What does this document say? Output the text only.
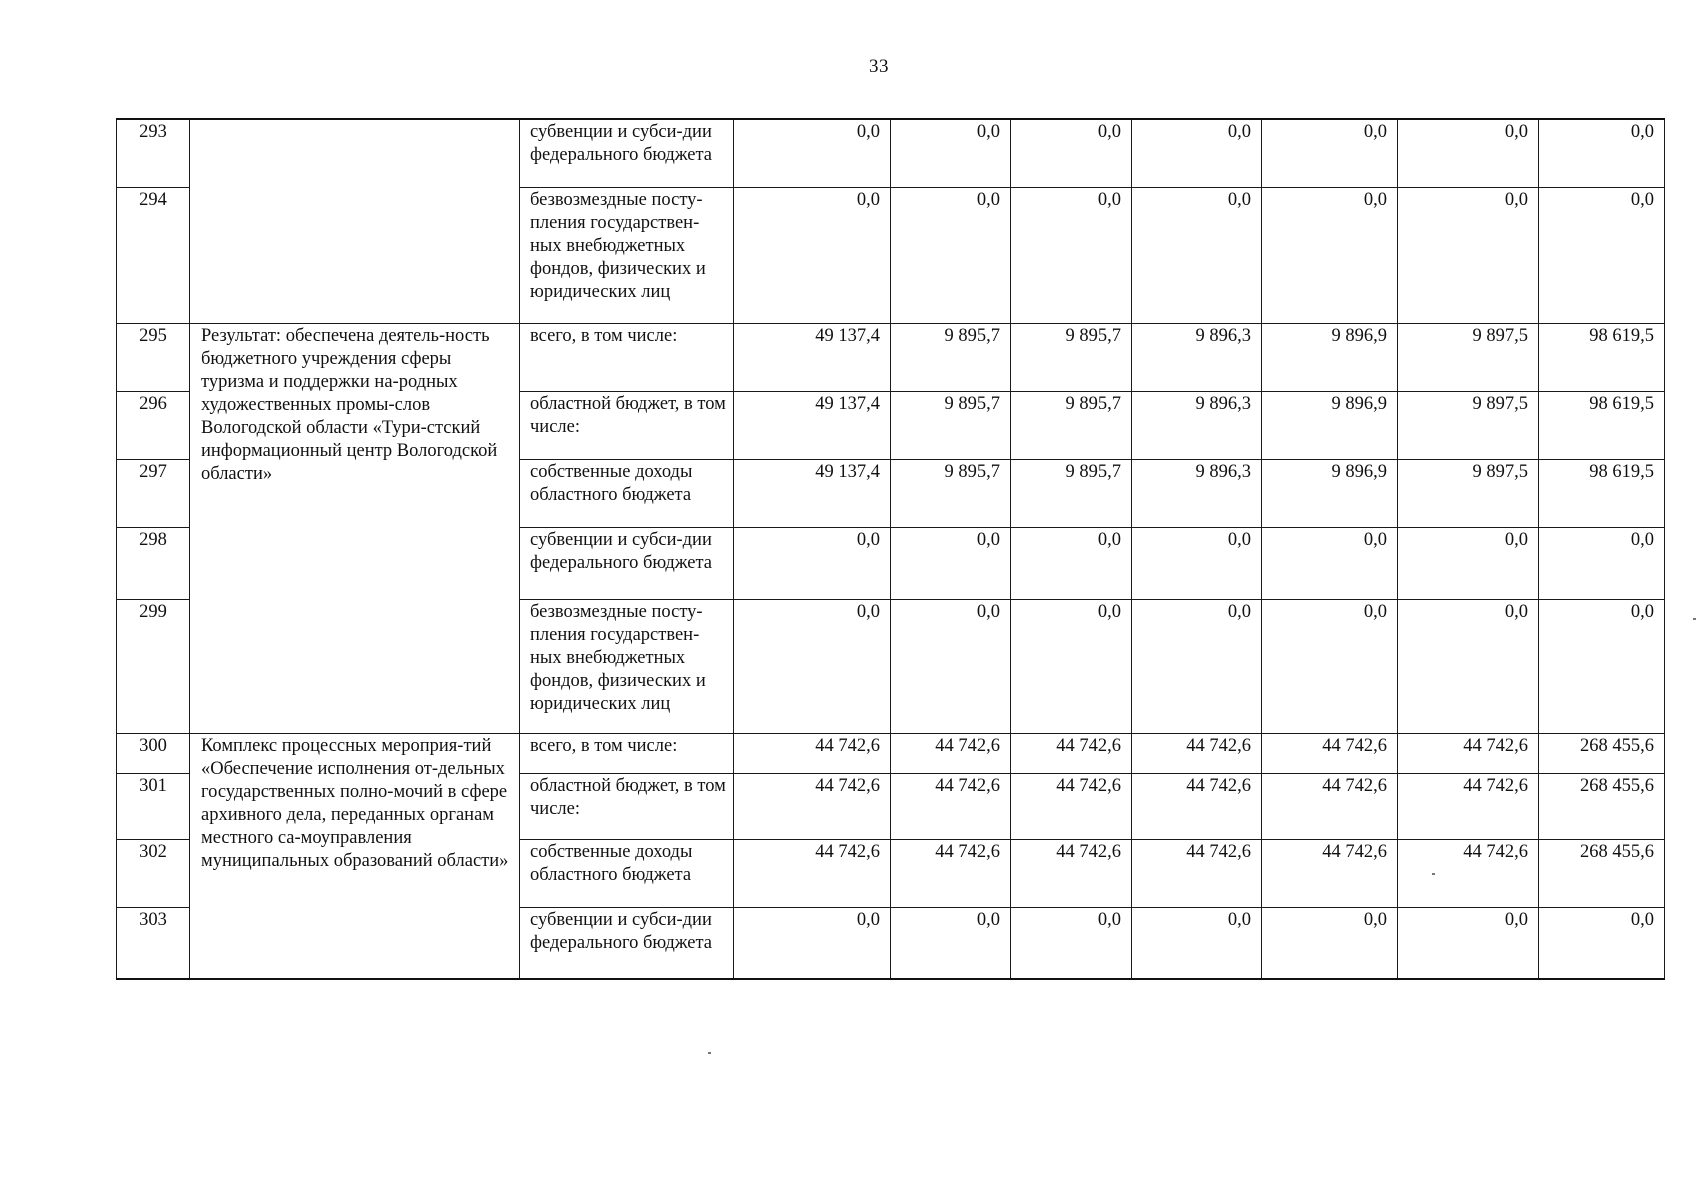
33
293		субвенции и субси-дии федерального бюджета	0,0	0,0	0,0	0,0	0,0	0,0	0,0
294		безвозмездные посту-пления государствен-ных внебюджетных фондов, физических и юридических лиц	0,0	0,0	0,0	0,0	0,0	0,0	0,0
295	Результат: обеспечена деятель-ность бюджетного учреждения сферы туризма и поддержки на-родных художественных промы-слов Вологодской области «Тури-стский информационный центр Вологодской области»	всего, в том числе:	49 137,4	9 895,7	9 895,7	9 896,3	9 896,9	9 897,5	98 619,5
296		областной бюджет, в том числе:	49 137,4	9 895,7	9 895,7	9 896,3	9 896,9	9 897,5	98 619,5
297		собственные доходы областного бюджета	49 137,4	9 895,7	9 895,7	9 896,3	9 896,9	9 897,5	98 619,5
298		субвенции и субси-дии федерального бюджета	0,0	0,0	0,0	0,0	0,0	0,0	0,0
299		безвозмездные посту-пления государствен-ных внебюджетных фондов, физических и юридических лиц	0,0	0,0	0,0	0,0	0,0	0,0	0,0
300	Комплекс процессных мероприя-тий «Обеспечение исполнения от-дельных государственных полно-мочий в сфере архивного дела, переданных органам местного са-моуправления муниципальных образований области»	всего, в том числе:	44 742,6	44 742,6	44 742,6	44 742,6	44 742,6	44 742,6	268 455,6
301		областной бюджет, в том числе:	44 742,6	44 742,6	44 742,6	44 742,6	44 742,6	44 742,6	268 455,6
302		собственные доходы областного бюджета	44 742,6	44 742,6	44 742,6	44 742,6	44 742,6	44 742,6	268 455,6
303		субвенции и субси-дии федерального бюджета	0,0	0,0	0,0	0,0	0,0	0,0	0,0
